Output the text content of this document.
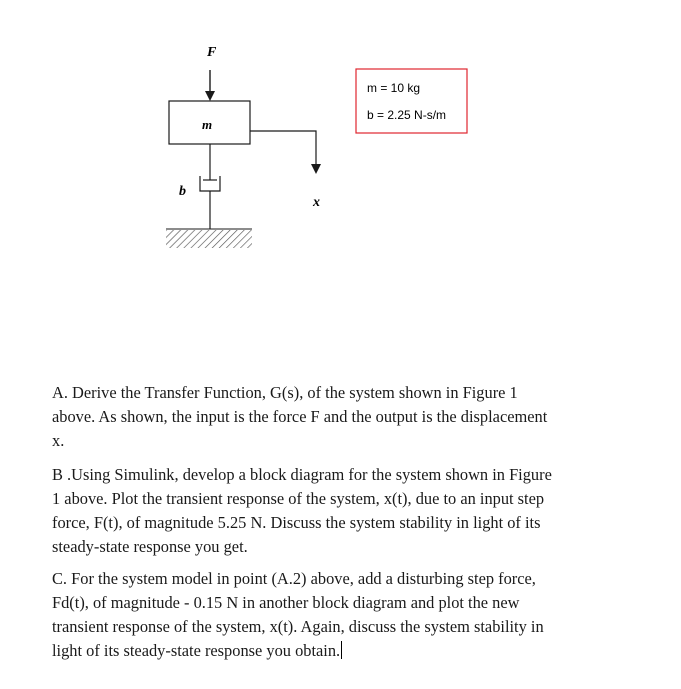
F
m
x
b
m = 10 kg
b = 2.25 N-s/m
A. Derive the Transfer Function, G(s), of the system shown in Figure 1
above. As shown, the input is the force F and the output is the displacement
x.
B .Using Simulink, develop a block diagram for the system shown in Figure
1 above. Plot the transient response of the system, x(t), due to an input step
force, F(t), of magnitude 5.25 N. Discuss the system stability in light of its
steady-state response you get.
C. For the system model in point (A.2) above, add a disturbing step force,
Fd(t), of magnitude - 0.15 N in another block diagram and plot the new
transient response of the system, x(t). Again, discuss the system stability in
light of its steady-state response you obtain.
